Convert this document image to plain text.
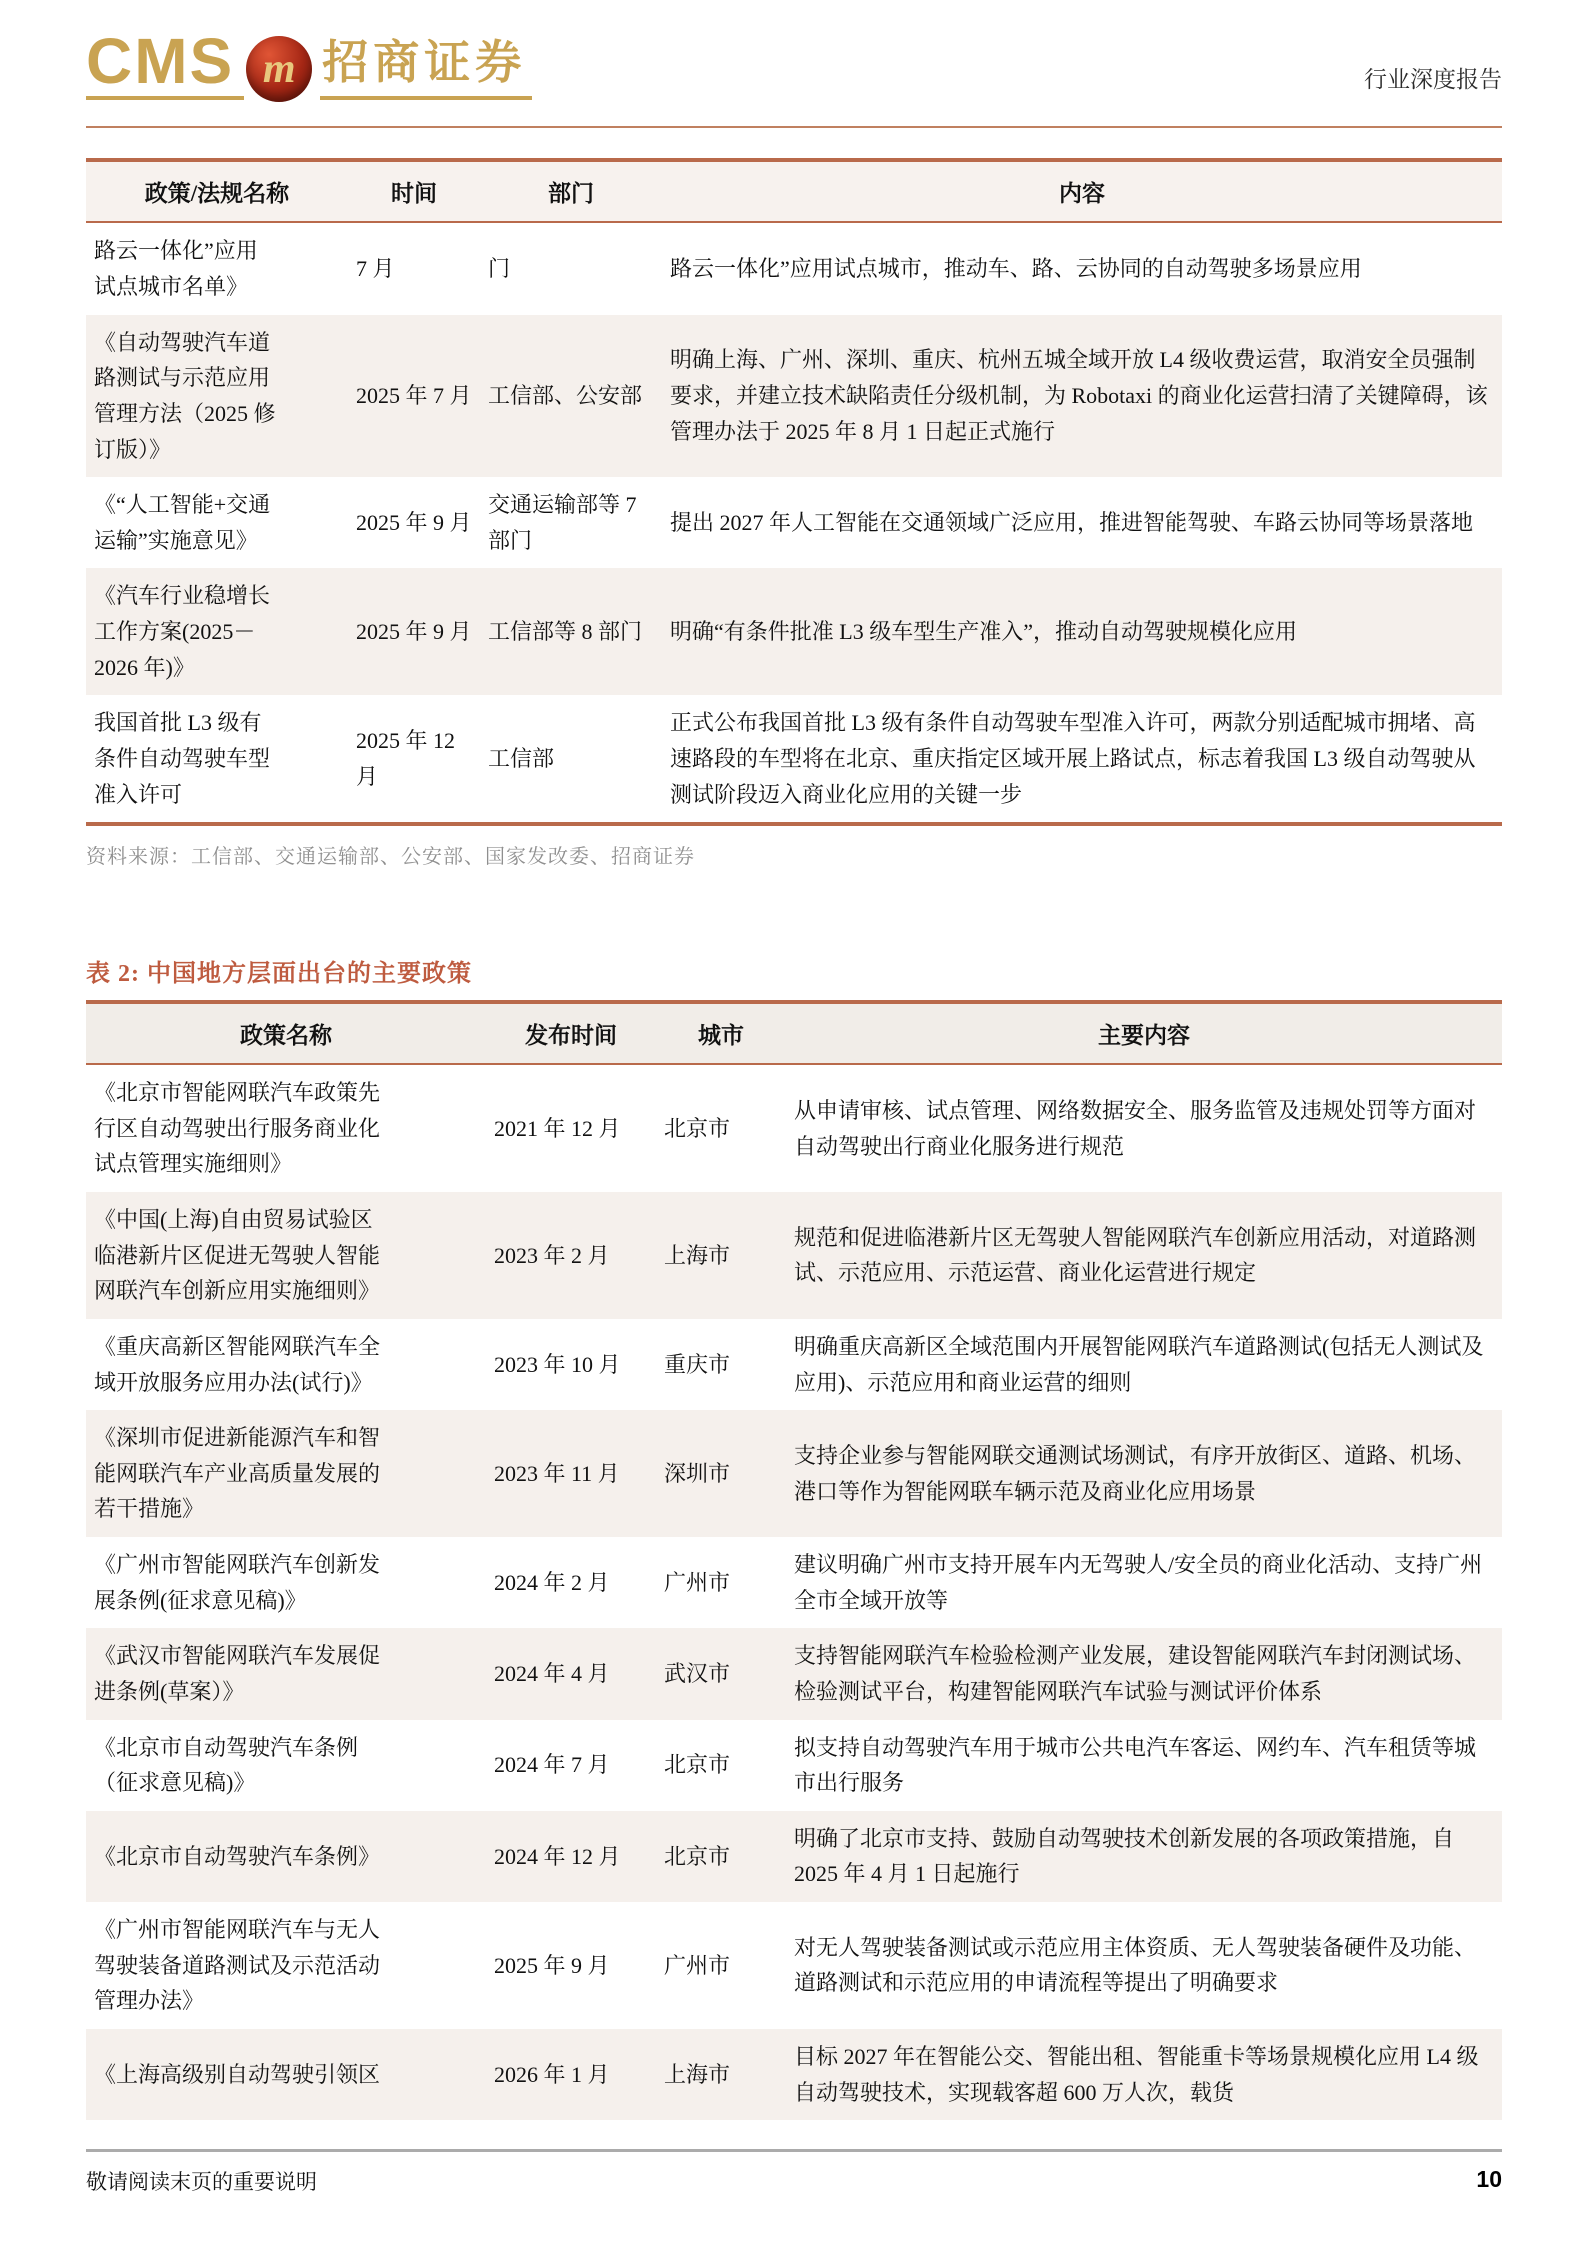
CMS m 招商证券	行业深度报告
政策/法规名称	时间	部门	内容
路云一体化”应用试点城市名单》	7 月	门	路云一体化”应用试点城市，推动车、路、云协同的自动驾驶多场景应用
《自动驾驶汽车道路测试与示范应用管理方法（2025 修订版）》	2025 年 7 月	工信部、公安部	明确上海、广州、深圳、重庆、杭州五城全域开放 L4 级收费运营，取消安全员强制要求，并建立技术缺陷责任分级机制，为 Robotaxi 的商业化运营扫清了关键障碍，该管理办法于 2025 年 8 月 1 日起正式施行
《“人工智能+交通运输”实施意见》	2025 年 9 月	交通运输部等 7 部门	提出 2027 年人工智能在交通领域广泛应用，推进智能驾驶、车路云协同等场景落地
《汽车行业稳增长工作方案(2025－2026 年)》	2025 年 9 月	工信部等 8 部门	明确“有条件批准 L3 级车型生产准入”，推动自动驾驶规模化应用
我国首批 L3 级有条件自动驾驶车型准入许可	2025 年 12 月	工信部	正式公布我国首批 L3 级有条件自动驾驶车型准入许可，两款分别适配城市拥堵、高速路段的车型将在北京、重庆指定区域开展上路试点，标志着我国 L3 级自动驾驶从测试阶段迈入商业化应用的关键一步
资料来源：工信部、交通运输部、公安部、国家发改委、招商证券
表 2: 中国地方层面出台的主要政策
政策名称	发布时间	城市	主要内容
《北京市智能网联汽车政策先行区自动驾驶出行服务商业化试点管理实施细则》	2021 年 12 月	北京市	从申请审核、试点管理、网络数据安全、服务监管及违规处罚等方面对自动驾驶出行商业化服务进行规范
《中国(上海)自由贸易试验区临港新片区促进无驾驶人智能网联汽车创新应用实施细则》	2023 年 2 月	上海市	规范和促进临港新片区无驾驶人智能网联汽车创新应用活动，对道路测试、示范应用、示范运营、商业化运营进行规定
《重庆高新区智能网联汽车全域开放服务应用办法(试行)》	2023 年 10 月	重庆市	明确重庆高新区全域范围内开展智能网联汽车道路测试(包括无人测试及应用)、示范应用和商业运营的细则
《深圳市促进新能源汽车和智能网联汽车产业高质量发展的若干措施》	2023 年 11 月	深圳市	支持企业参与智能网联交通测试场测试，有序开放街区、道路、机场、港口等作为智能网联车辆示范及商业化应用场景
《广州市智能网联汽车创新发展条例(征求意见稿)》	2024 年 2 月	广州市	建议明确广州市支持开展车内无驾驶人/安全员的商业化活动、支持广州全市全域开放等
《武汉市智能网联汽车发展促进条例(草案）》	2024 年 4 月	武汉市	支持智能网联汽车检验检测产业发展，建设智能网联汽车封闭测试场、检验测试平台，构建智能网联汽车试验与测试评价体系
《北京市自动驾驶汽车条例（征求意见稿)》	2024 年 7 月	北京市	拟支持自动驾驶汽车用于城市公共电汽车客运、网约车、汽车租赁等城市出行服务
《北京市自动驾驶汽车条例》	2024 年 12 月	北京市	明确了北京市支持、鼓励自动驾驶技术创新发展的各项政策措施，自 2025 年 4 月 1 日起施行
《广州市智能网联汽车与无人驾驶装备道路测试及示范活动管理办法》	2025 年 9 月	广州市	对无人驾驶装备测试或示范应用主体资质、无人驾驶装备硬件及功能、道路测试和示范应用的申请流程等提出了明确要求
《上海高级别自动驾驶引领区	2026 年 1 月	上海市	目标 2027 年在智能公交、智能出租、智能重卡等场景规模化应用 L4 级自动驾驶技术，实现载客超 600 万人次，载货
敬请阅读末页的重要说明	10
